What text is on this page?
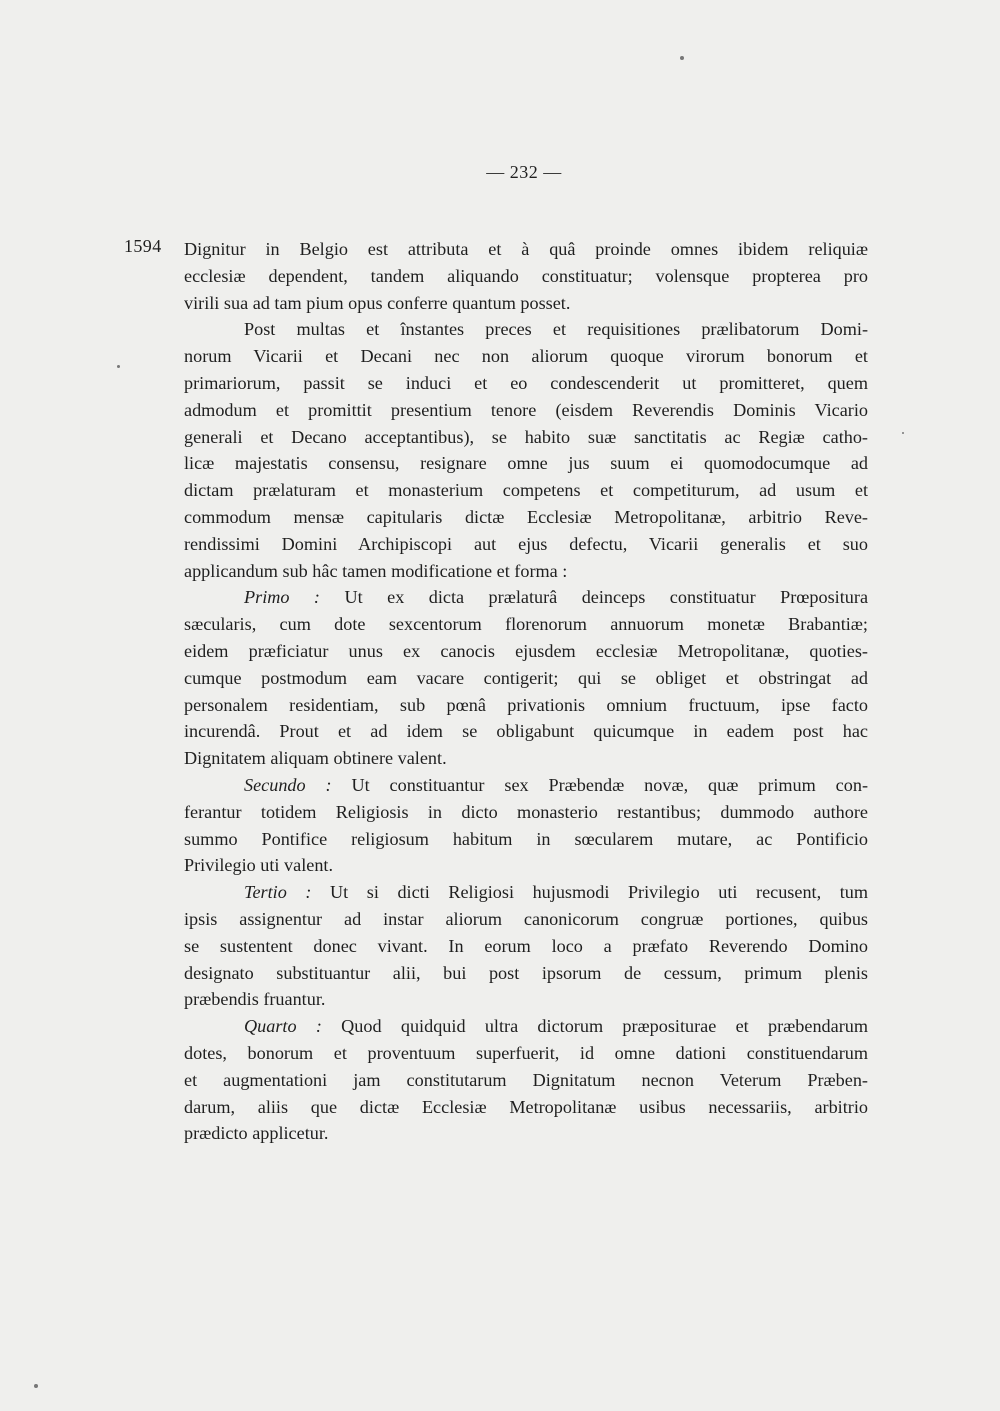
— 232 —
1594 Dignitur in Belgio est attributa et à quâ proinde omnes ibidem reliquiæ
ecclesiæ dependent, tandem aliquando constituatur; volensque propterea pro
virili sua ad tam pium opus conferre quantum posset.
Post multas et înstantes preces et requisitiones prælibatorum Domi-
norum Vicarii et Decani nec non aliorum quoque virorum bonorum et
primariorum, passit se induci et eo condescenderit ut promitteret, quem
admodum et promittit presentium tenore (eisdem Reverendis Dominis Vicario
generali et Decano acceptantibus), se habito suæ sanctitatis ac Regiæ catho-
licæ majestatis consensu, resignare omne jus suum ei quomodocumque ad
dictam prælaturam et monasterium competens et competiturum, ad usum et
commodum mensæ capitularis dictæ Ecclesiæ Metropolitanæ, arbitrio Reve-
rendissimi Domini Archipiscopi aut ejus defectu, Vicarii generalis et suo
applicandum sub hâc tamen modificatione et forma :
Primo : Ut ex dicta prælaturâ deinceps constituatur Prœpositura
sæcularis, cum dote sexcentorum florenorum annuorum monetæ Brabantiæ;
eidem præficiatur unus ex canocis ejusdem ecclesiæ Metropolitanæ, quoties-
cumque postmodum eam vacare contigerit; qui se obliget et obstringat ad
personalem residentiam, sub pœnâ privationis omnium fructuum, ipse facto
incurendâ. Prout et ad idem se obligabunt quicumque in eadem post hac
Dignitatem aliquam obtinere valent.
Secundo : Ut constituantur sex Præbendæ novæ, quæ primum con-
ferantur totidem Religiosis in dicto monasterio restantibus; dummodo authore
summo Pontifice religiosum habitum in sœcularem mutare, ac Pontificio
Privilegio uti valent.
Tertio : Ut si dicti Religiosi hujusmodi Privilegio uti recusent, tum
ipsis assignentur ad instar aliorum canonicorum congruæ portiones, quibus
se sustentent donec vivant. In eorum loco a præfato Reverendo Domino
designato substituantur alii, bui post ipsorum de cessum, primum plenis
præbendis fruantur.
Quarto : Quod quidquid ultra dictorum præpositurae et præbendarum
dotes, bonorum et proventuum superfuerit, id omne dationi constituendarum
et augmentationi jam constitutarum Dignitatum necnon Veterum Præben-
darum, aliis que dictæ Ecclesiæ Metropolitanæ usibus necessariis, arbitrio
prædicto applicetur.
